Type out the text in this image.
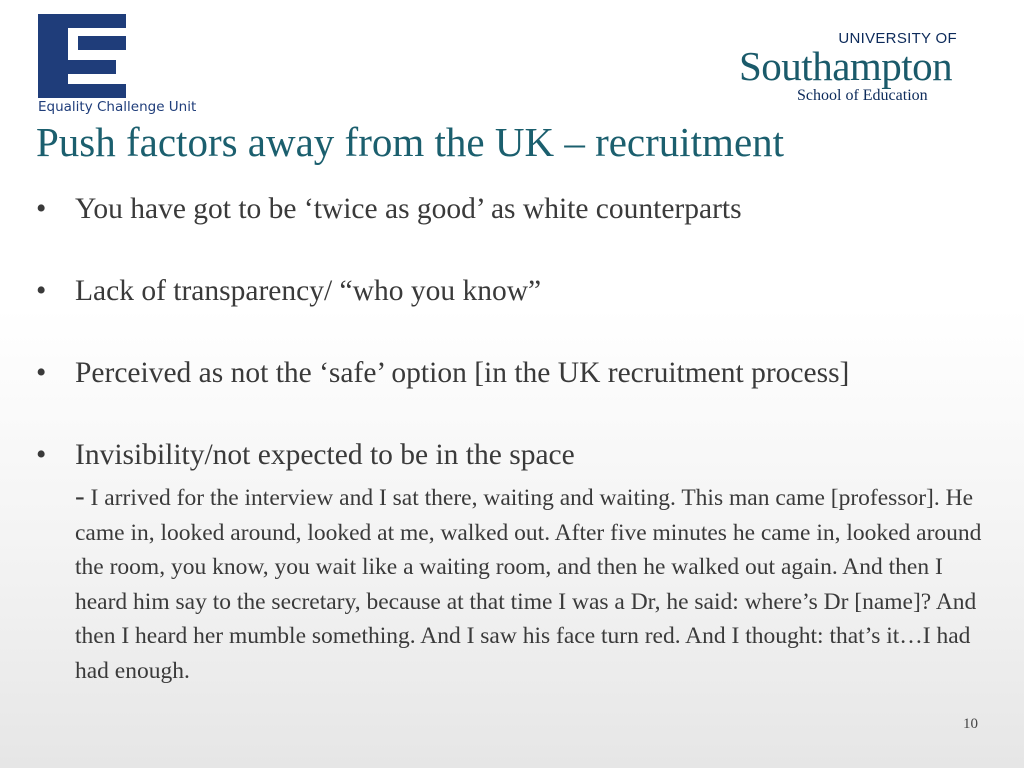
Equality Challenge Unit
UNIVERSITY OF
Southampton
School of Education
Push factors away from the UK – recruitment
• You have got to be ‘twice as good’ as white counterparts
• Lack of transparency/ “who you know”
• Perceived as not the ‘safe’ option [in the UK recruitment process]
• Invisibility/not expected to be in the space
- I arrived for the interview and I sat there, waiting and waiting. This man came [professor]. He came in, looked around, looked at me, walked out. After five minutes he came in, looked around the room, you know, you wait like a waiting room, and then he walked out again. And then I heard him say to the secretary, because at that time I was a Dr, he said: where’s Dr [name]? And then I heard her mumble something. And I saw his face turn red. And I thought: that’s it…I had had enough.
10
